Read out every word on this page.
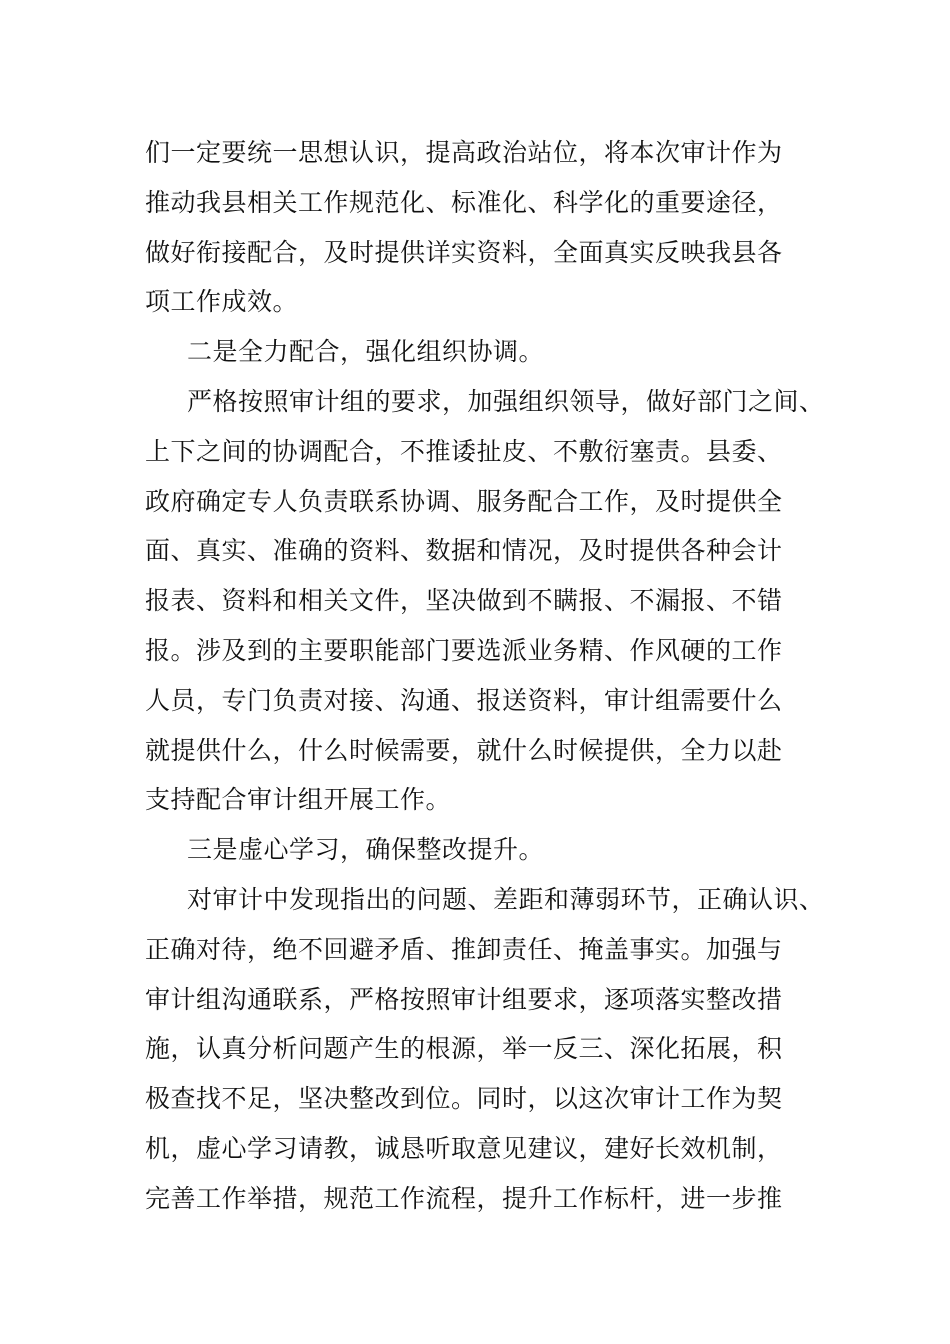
们一定要统一思想认识，提高政治站位，将本次审计作为
推动我县相关工作规范化、标准化、科学化的重要途径，
做好衔接配合，及时提供详实资料，全面真实反映我县各
项工作成效。
二是全力配合，强化组织协调。
严格按照审计组的要求，加强组织领导，做好部门之间、
上下之间的协调配合，不推诿扯皮、不敷衍塞责。县委、
政府确定专人负责联系协调、服务配合工作，及时提供全
面、真实、准确的资料、数据和情况，及时提供各种会计
报表、资料和相关文件，坚决做到不瞒报、不漏报、不错
报。涉及到的主要职能部门要选派业务精、作风硬的工作
人员，专门负责对接、沟通、报送资料，审计组需要什么
就提供什么，什么时候需要，就什么时候提供，全力以赴
支持配合审计组开展工作。
三是虚心学习，确保整改提升。
对审计中发现指出的问题、差距和薄弱环节，正确认识、
正确对待，绝不回避矛盾、推卸责任、掩盖事实。加强与
审计组沟通联系，严格按照审计组要求，逐项落实整改措
施，认真分析问题产生的根源，举一反三、深化拓展，积
极查找不足，坚决整改到位。同时，以这次审计工作为契
机，虚心学习请教，诚恳听取意见建议，建好长效机制，
完善工作举措，规范工作流程，提升工作标杆，进一步推
